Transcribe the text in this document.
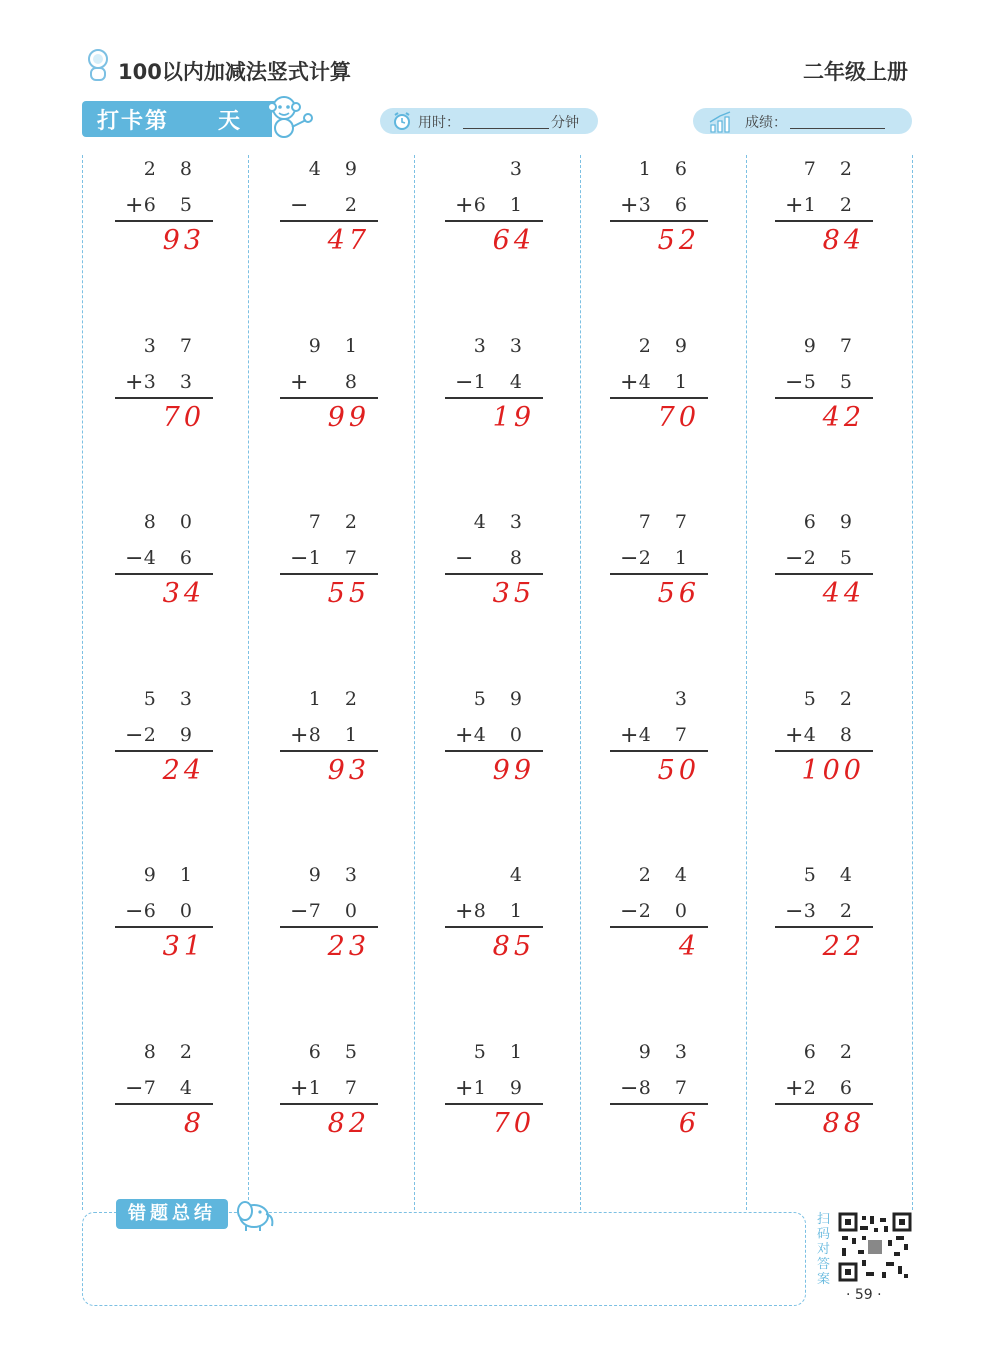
100以内加减法竖式计算	二年级上册
打卡第 天	用时：	分钟	成绩：
2 8
+ 6 5
93
4 9
− 2
47
3
+ 6 1
64
1 6
+ 3 6
52
7 2
+ 1 2
84
3 7
+ 3 3
70
9 1
+ 8
99
3 3
− 1 4
19
2 9
+ 4 1
70
9 7
− 5 5
42
8 0
− 4 6
34
7 2
− 1 7
55
4 3
− 8
35
7 7
− 2 1
56
6 9
− 2 5
44
5 3
− 2 9
24
1 2
+ 8 1
93
5 9
+ 4 0
99
3
+ 4 7
50
5 2
+ 4 8
100
9 1
− 6 0
31
9 3
− 7 0
23
4
+ 8 1
85
2 4
− 2 0
4
5 4
− 3 2
22
8 2
− 7 4
8
6 5
+ 1 7
82
5 1
+ 1 9
70
9 3
− 8 7
6
6 2
+ 2 6
88
错题总结	扫码对答案
· 59 ·
